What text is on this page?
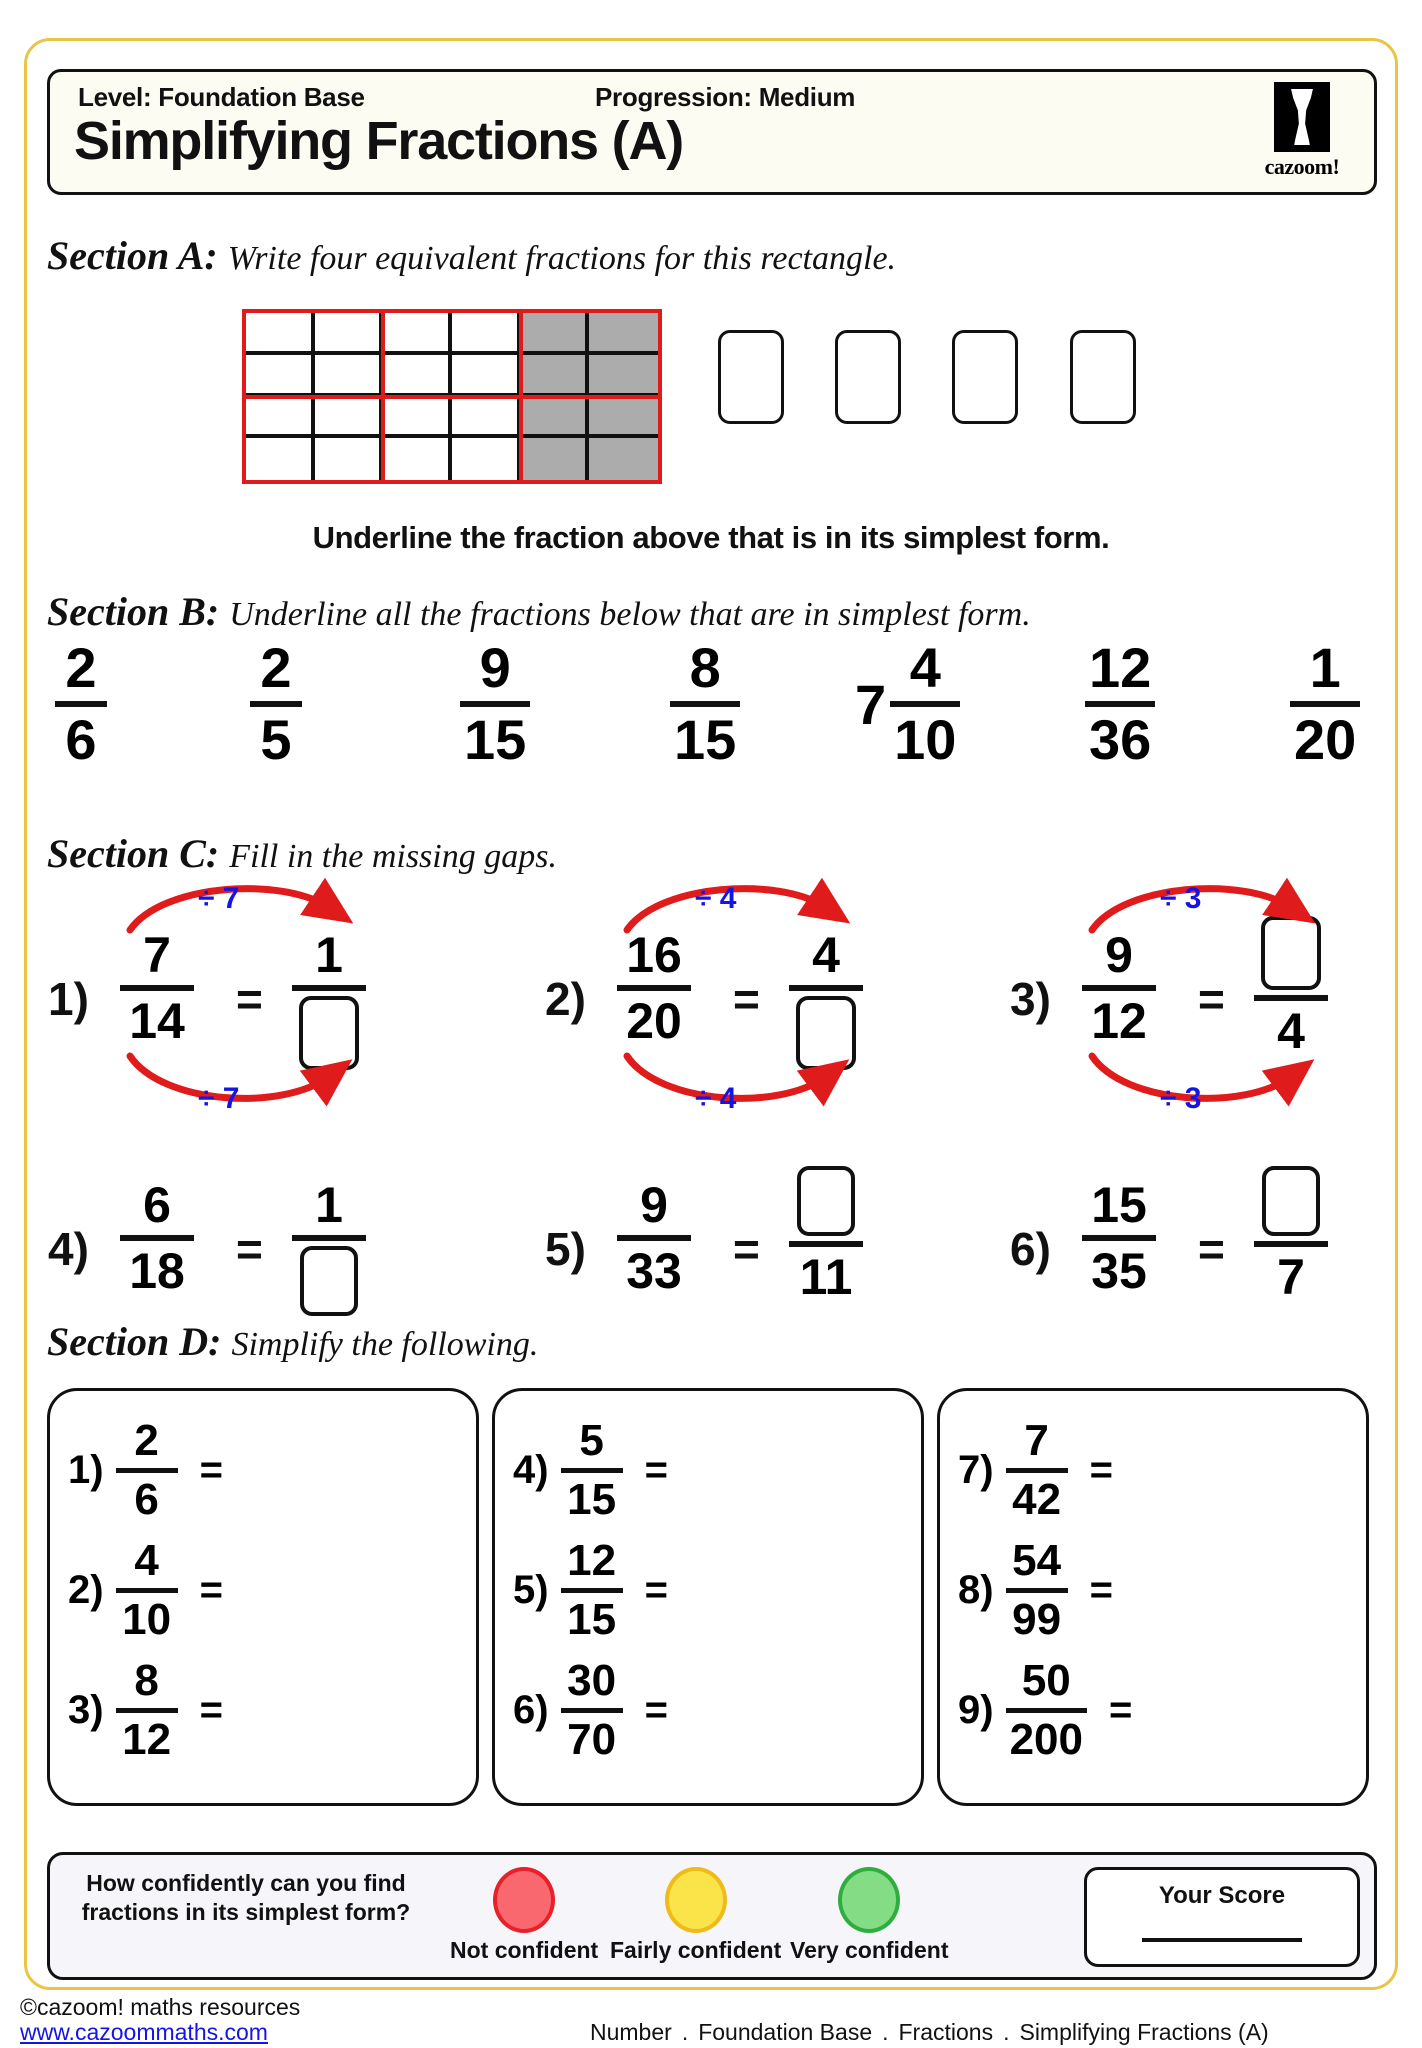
Level: Foundation Base	Progression: Medium
Simplifying Fractions (A)	cazoom!
Section A: Write four equivalent fractions for this rectangle.
Underline the fraction above that is in its simplest form.
Section B: Underline all the fractions below that are in simplest form.
2
6
2
5
9
15
8
15
7
4
10
12
36
1
20
Section C: Fill in the missing gaps.
1)
7
14 =
1
÷ 7
÷ 7
2)
16
20 =
4
÷ 4
÷ 4
3)
9
12 =
4
÷ 3
÷ 3
4)
6
18 =
1
5)
9
33 = 11	6)
15
35 = 7
Section D: Simplify the following.
1)
2
6
=
2)
4
10
=
3)
8
12
=
4)
5
15
=
5)
12
15
=
6)
30
70
=
7)
7
42
=
8)
54
99
=
9)
50
200
=
How confidently can you find fractions in its simplest form?
Not confident Fairly confident Very confident
Your Score
©cazoom! maths resources
www.cazoommaths.com	Number . Foundation Base . Fractions . Simplifying Fractions (A)
